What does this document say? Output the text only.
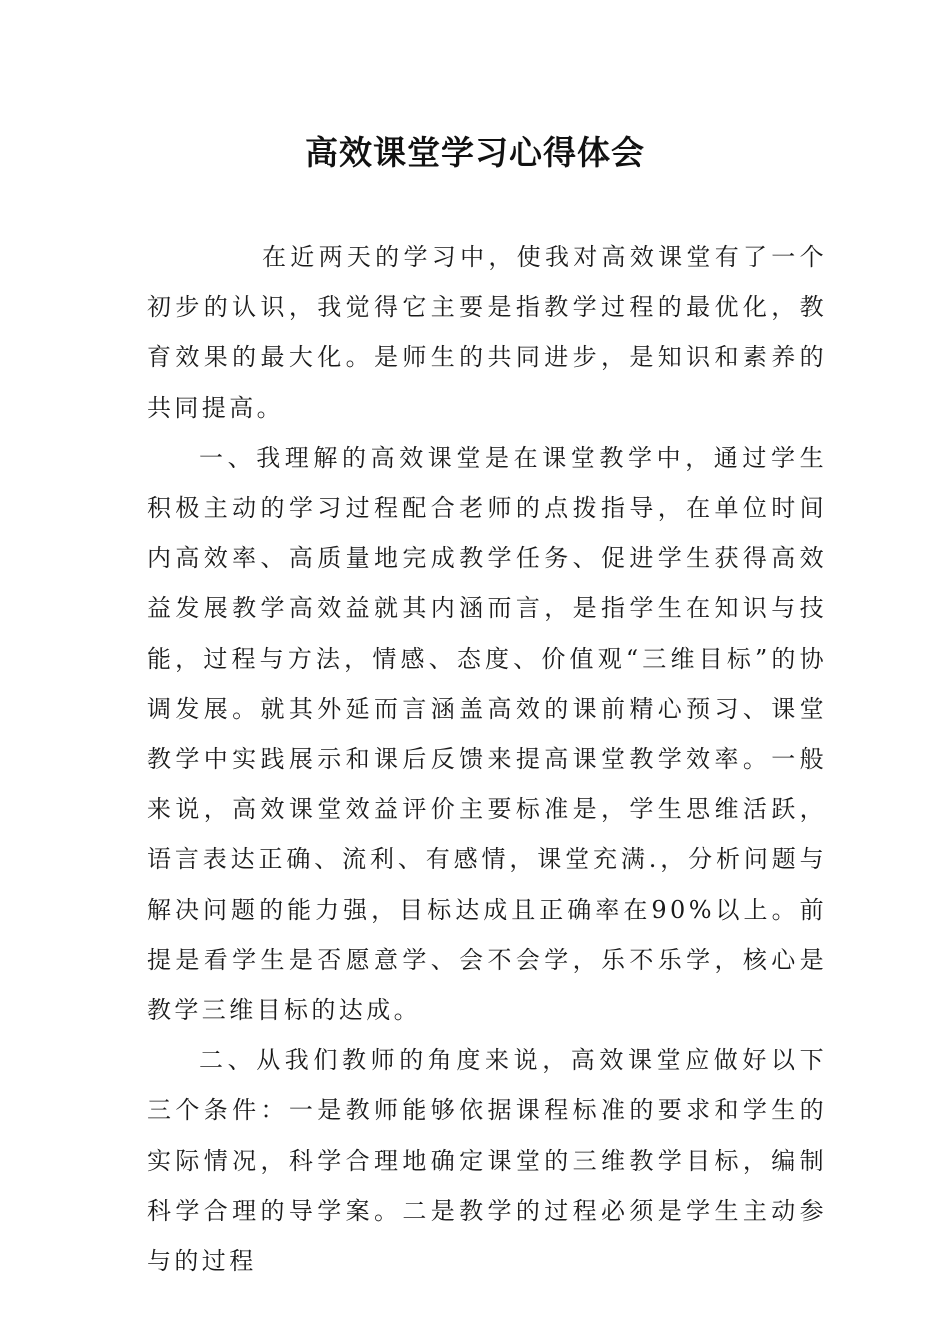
高效课堂学习心得体会

在近两天的学习中，使我对高效课堂有了一个初步的认识，我觉得它主要是指教学过程的最优化，教育效果的最大化。是师生的共同进步，是知识和素养的共同提高。

一、我理解的高效课堂是在课堂教学中，通过学生积极主动的学习过程配合老师的点拨指导，在单位时间内高效率、高质量地完成教学任务、促进学生获得高效益发展教学高效益就其内涵而言，是指学生在知识与技能，过程与方法，情感、态度、价值观“三维目标”的协调发展。就其外延而言涵盖高效的课前精心预习、课堂教学中实践展示和课后反馈来提高课堂教学效率。一般来说，高效课堂效益评价主要标准是，学生思维活跃，语言表达正确、流利、有感情，课堂充满.，分析问题与解决问题的能力强，目标达成且正确率在90%以上。前提是看学生是否愿意学、会不会学，乐不乐学，核心是教学三维目标的达成。

二、从我们教师的角度来说，高效课堂应做好以下三个条件：一是教师能够依据课程标准的要求和学生的实际情况，科学合理地确定课堂的三维教学目标，编制科学合理的导学案。二是教学的过程必须是学生主动参与的过程
